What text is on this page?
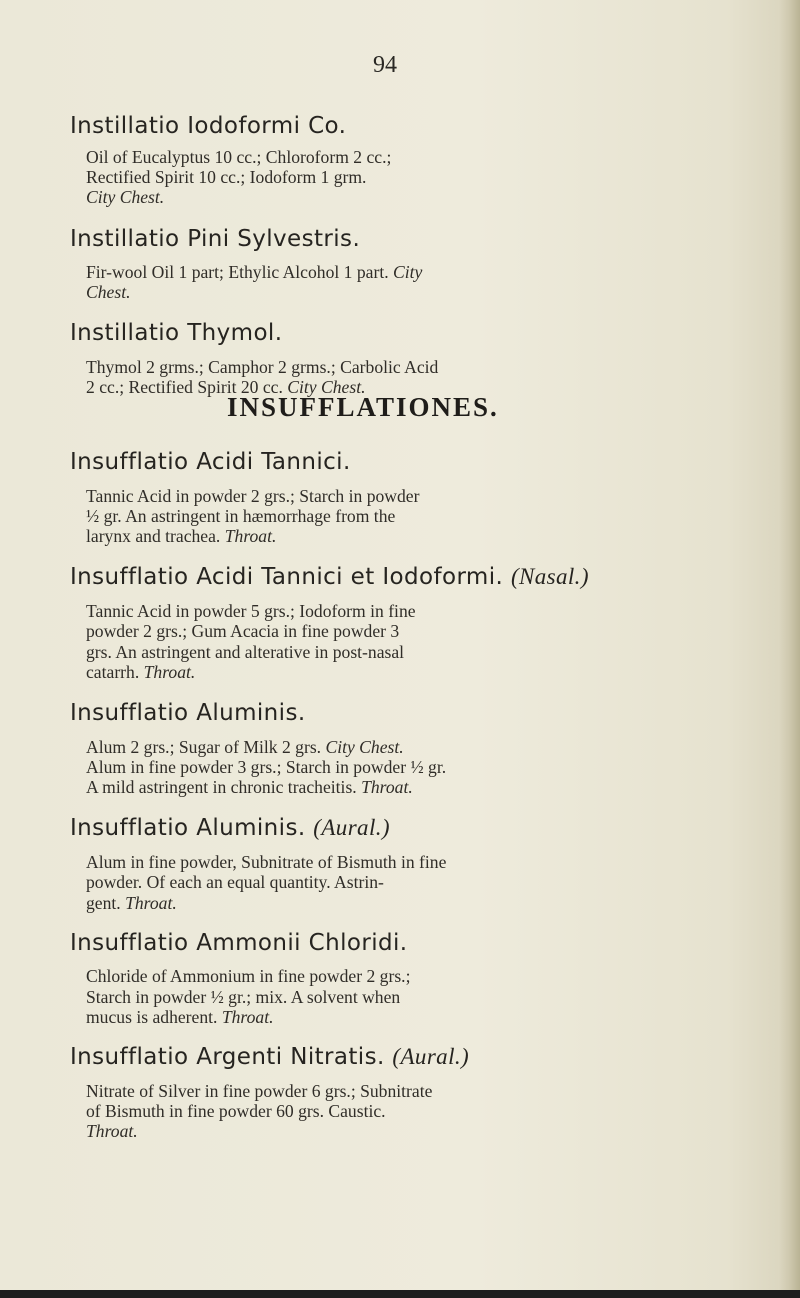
94
Instillatio Iodoformi Co.
Oil of Eucalyptus 10 cc.; Chloroform 2 cc.;
Rectified Spirit 10 cc.; Iodoform 1 grm.
City Chest.
Instillatio Pini Sylvestris.
Fir-wool Oil 1 part; Ethylic Alcohol 1 part. City
Chest.
Instillatio Thymol.
Thymol 2 grms.; Camphor 2 grms.; Carbolic Acid
2 cc.; Rectified Spirit 20 cc. City Chest.
INSUFFLATIONES.
Insufflatio Acidi Tannici.
Tannic Acid in powder 2 grs.; Starch in powder
½ gr. An astringent in hæmorrhage from the
larynx and trachea. Throat.
Insufflatio Acidi Tannici et Iodoformi. (Nasal.)
Tannic Acid in powder 5 grs.; Iodoform in fine
powder 2 grs.; Gum Acacia in fine powder 3
grs. An astringent and alterative in post-nasal
catarrh. Throat.
Insufflatio Aluminis.
Alum 2 grs.; Sugar of Milk 2 grs. City Chest.
Alum in fine powder 3 grs.; Starch in powder ½ gr.
A mild astringent in chronic tracheitis. Throat.
Insufflatio Aluminis. (Aural.)
Alum in fine powder, Subnitrate of Bismuth in fine
powder. Of each an equal quantity. Astrin-
gent. Throat.
Insufflatio Ammonii Chloridi.
Chloride of Ammonium in fine powder 2 grs.;
Starch in powder ½ gr.; mix. A solvent when
mucus is adherent. Throat.
Insufflatio Argenti Nitratis. (Aural.)
Nitrate of Silver in fine powder 6 grs.; Subnitrate
of Bismuth in fine powder 60 grs. Caustic.
Throat.
